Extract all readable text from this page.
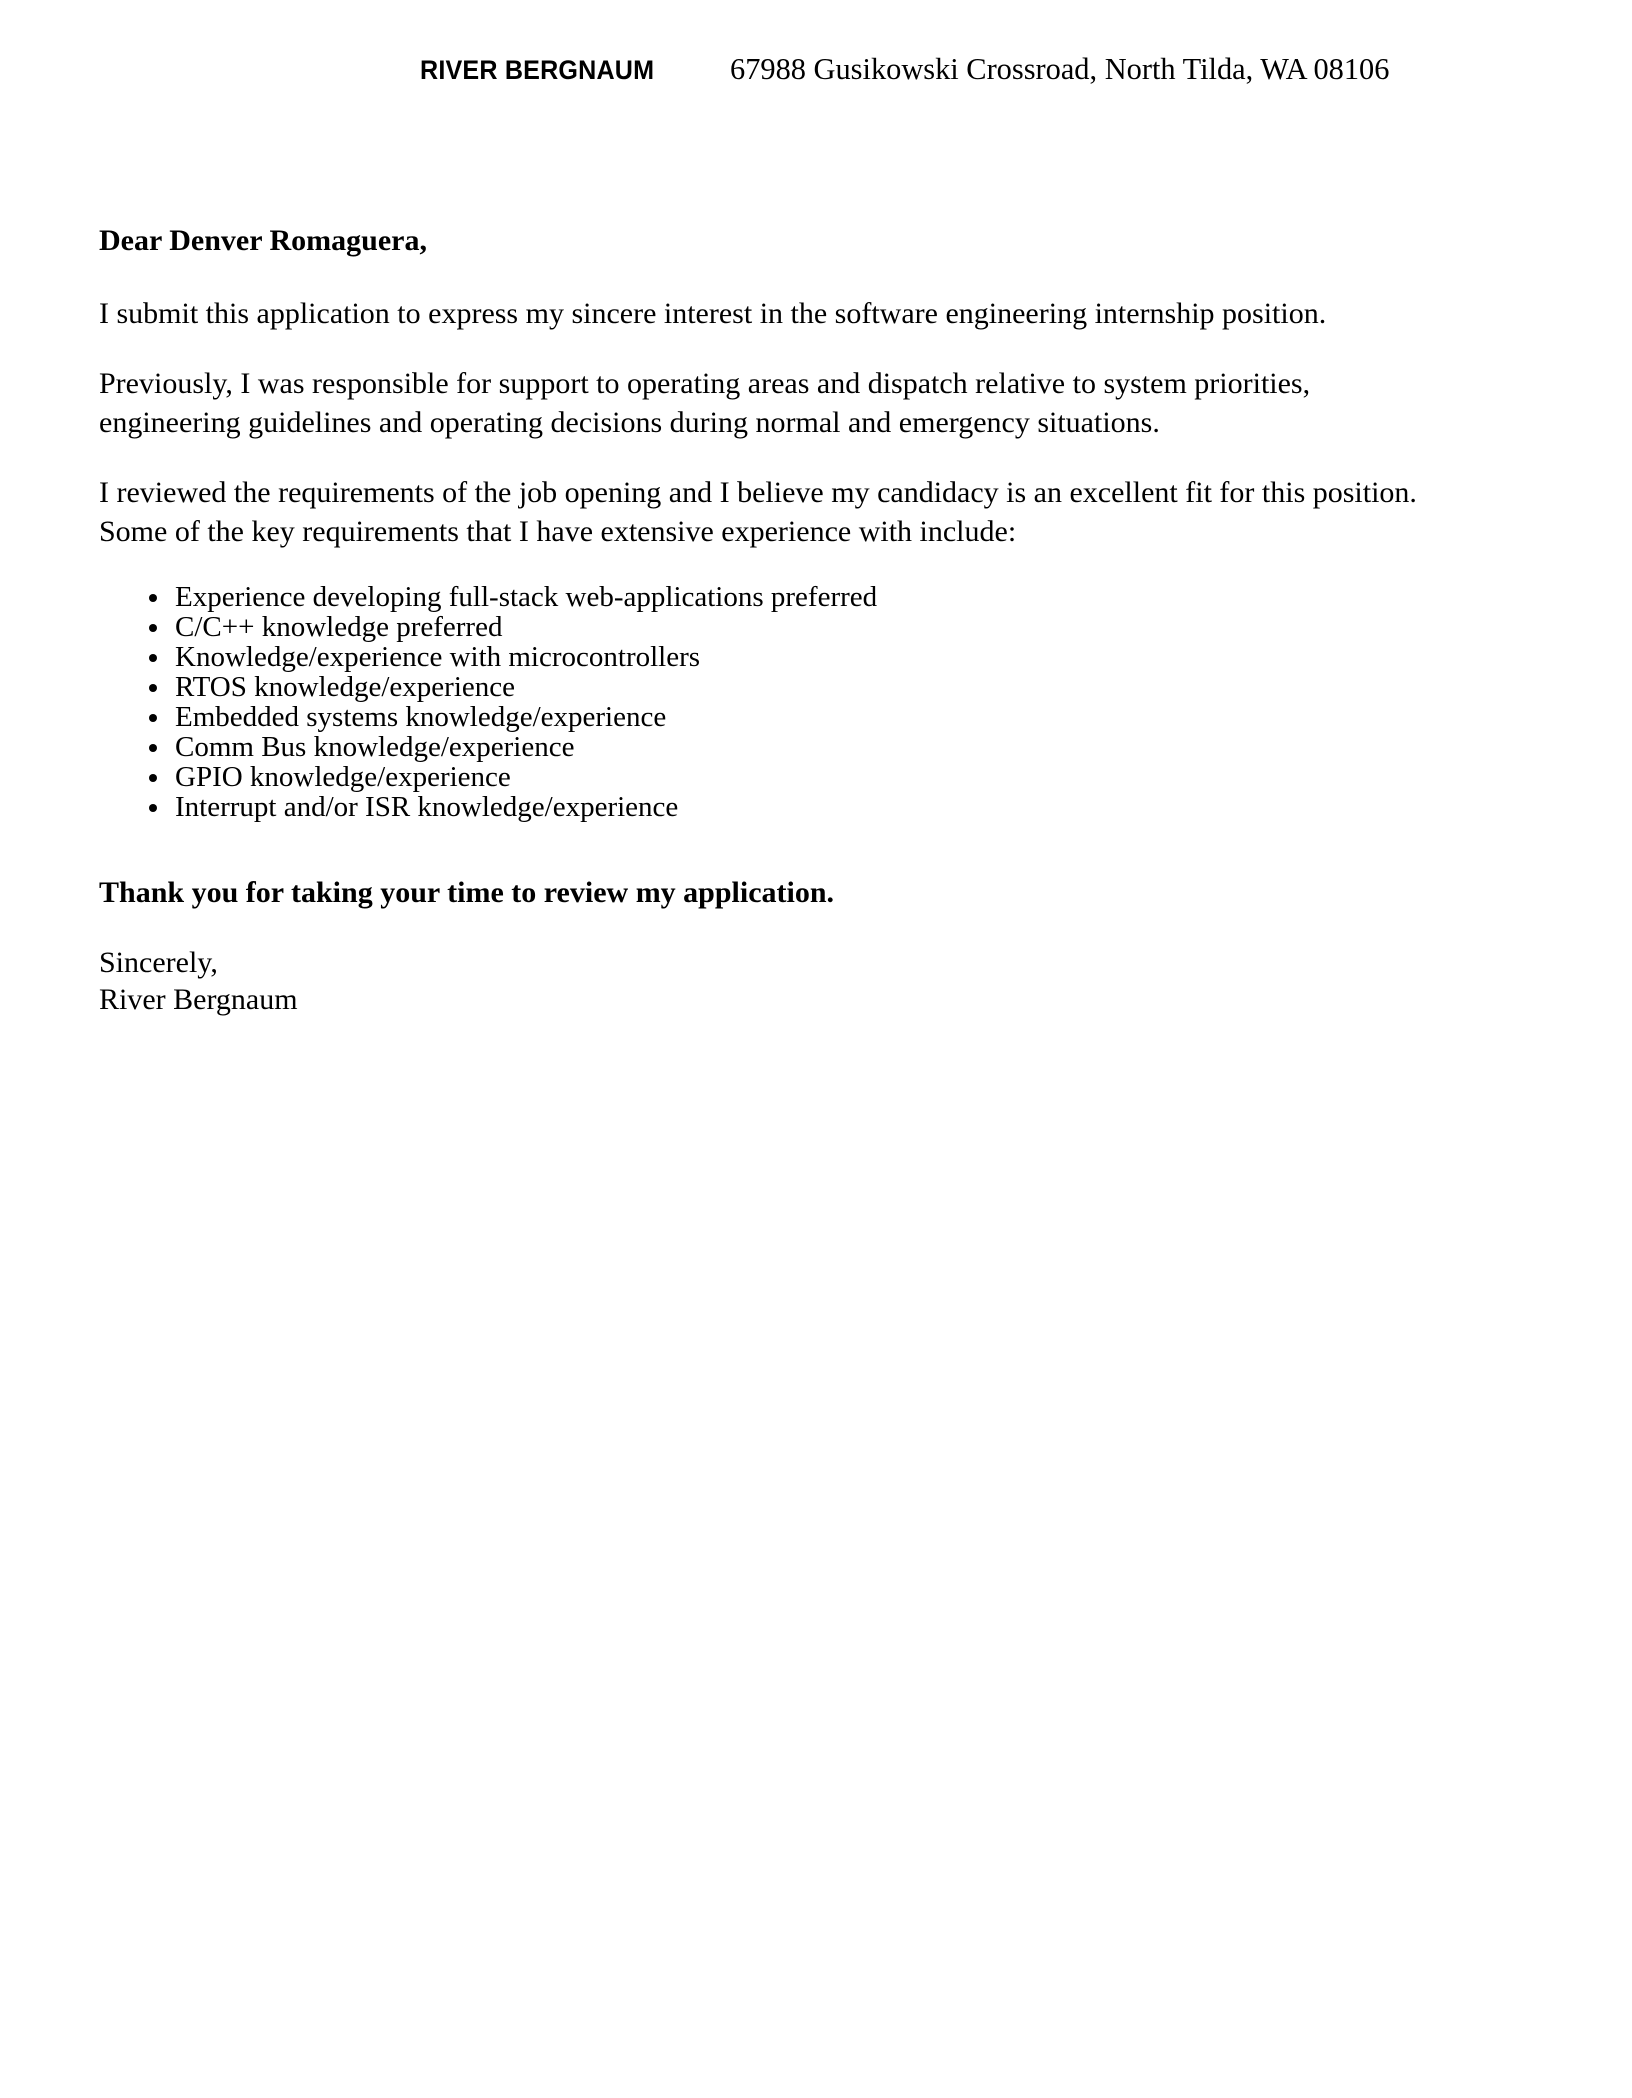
RIVER BERGNAUM 67988 Gusikowski Crossroad, North Tilda, WA 08106

Dear Denver Romaguera,

I submit this application to express my sincere interest in the software engineering internship position.

Previously, I was responsible for support to operating areas and dispatch relative to system priorities, engineering guidelines and operating decisions during normal and emergency situations.

I reviewed the requirements of the job opening and I believe my candidacy is an excellent fit for this position. Some of the key requirements that I have extensive experience with include:

Experience developing full-stack web-applications preferred
C/C++ knowledge preferred
Knowledge/experience with microcontrollers
RTOS knowledge/experience
Embedded systems knowledge/experience
Comm Bus knowledge/experience
GPIO knowledge/experience
Interrupt and/or ISR knowledge/experience

Thank you for taking your time to review my application.

Sincerely,
River Bergnaum
